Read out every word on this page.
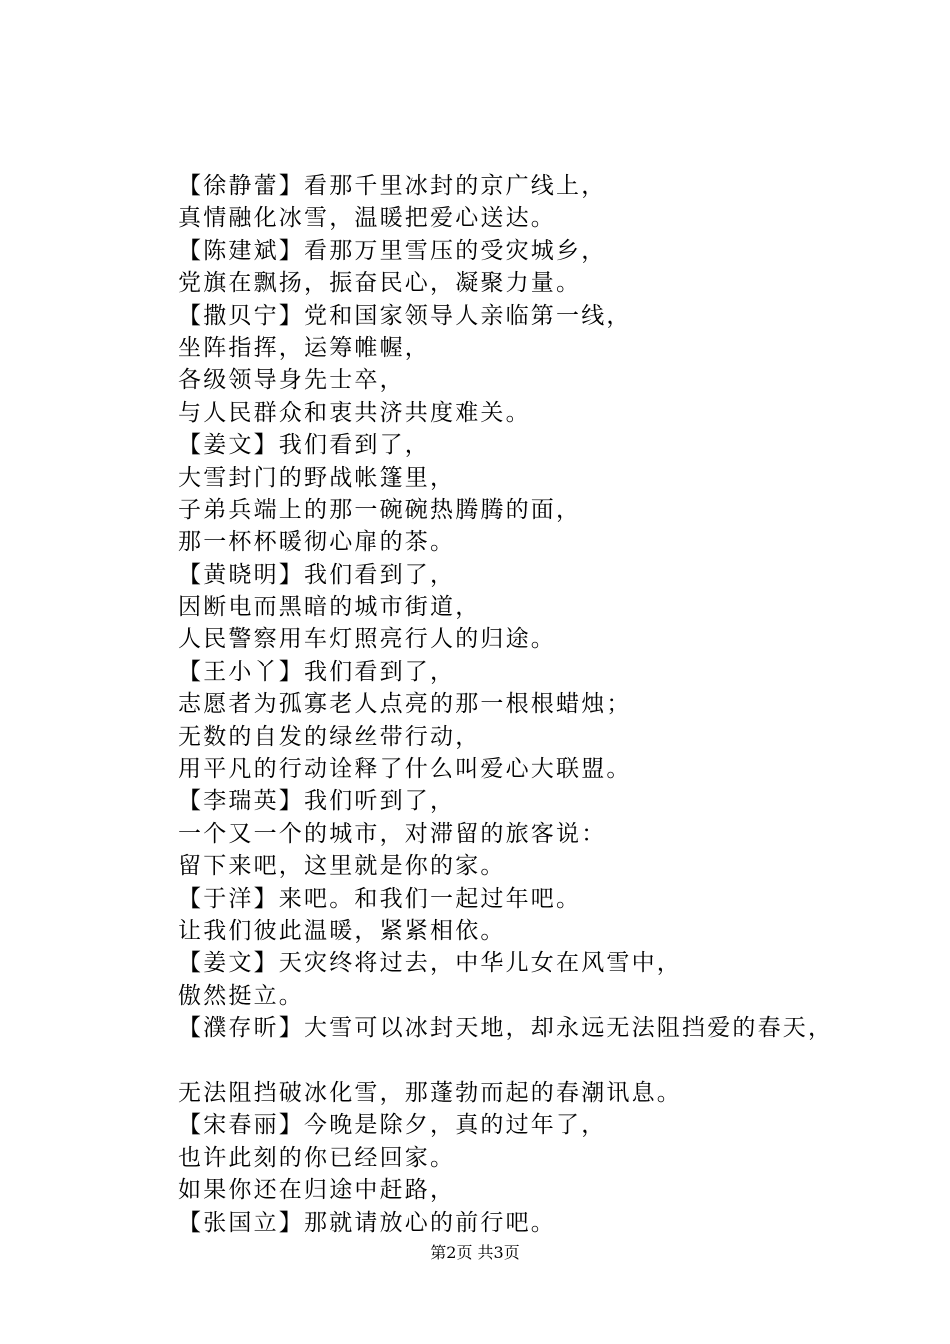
【徐静蕾】看那千里冰封的京广线上，
真情融化冰雪，温暖把爱心送达。
【陈建斌】看那万里雪压的受灾城乡，
党旗在飘扬，振奋民心，凝聚力量。
【撒贝宁】党和国家领导人亲临第一线，
坐阵指挥，运筹帷幄，
各级领导身先士卒，
与人民群众和衷共济共度难关。
【姜文】我们看到了，
大雪封门的野战帐篷里，
子弟兵端上的那一碗碗热腾腾的面，
那一杯杯暖彻心扉的茶。
【黄晓明】我们看到了，
因断电而黑暗的城市街道，
人民警察用车灯照亮行人的归途。
【王小丫】我们看到了，
志愿者为孤寡老人点亮的那一根根蜡烛；
无数的自发的绿丝带行动，
用平凡的行动诠释了什么叫爱心大联盟。
【李瑞英】我们听到了，
一个又一个的城市，对滞留的旅客说：
留下来吧，这里就是你的家。
【于洋】来吧。和我们一起过年吧。
让我们彼此温暖，紧紧相依。
【姜文】天灾终将过去，中华儿女在风雪中，
傲然挺立。
【濮存昕】大雪可以冰封天地，却永远无法阻挡爱的春天，
无法阻挡破冰化雪，那蓬勃而起的春潮讯息。
【宋春丽】今晚是除夕，真的过年了，
也许此刻的你已经回家。
如果你还在归途中赶路，
【张国立】那就请放心的前行吧。
第2页 共3页
